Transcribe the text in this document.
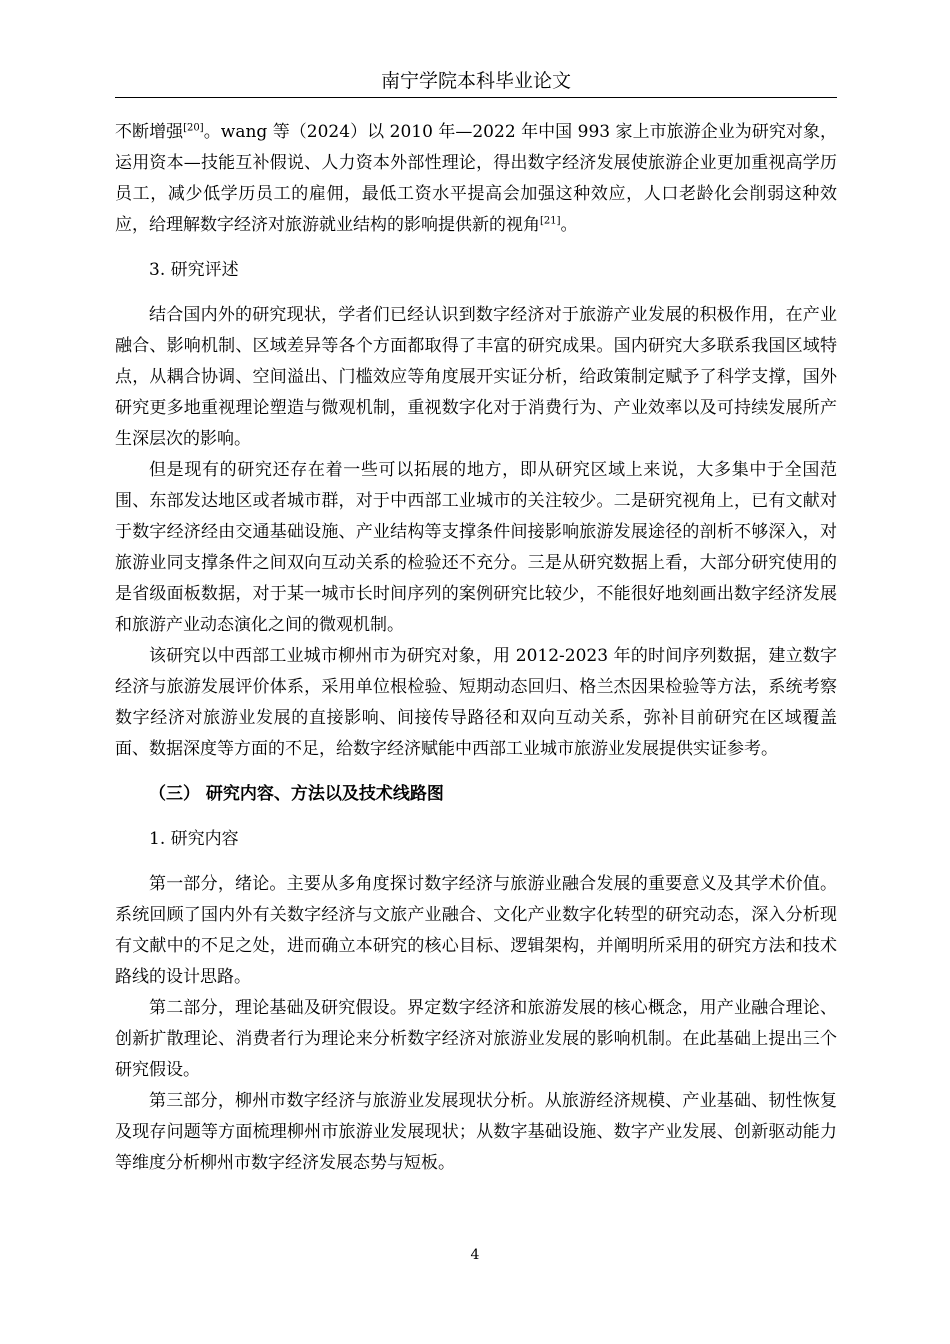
南宁学院本科毕业论文

不断增强[20]。wang 等（2024）以 2010 年—2022 年中国 993 家上市旅游企业为研究对象，运用资本—技能互补假说、人力资本外部性理论，得出数字经济发展使旅游企业更加重视高学历员工，减少低学历员工的雇佣，最低工资水平提高会加强这种效应，人口老龄化会削弱这种效应，给理解数字经济对旅游就业结构的影响提供新的视角[21]。

3. 研究评述

结合国内外的研究现状，学者们已经认识到数字经济对于旅游产业发展的积极作用，在产业融合、影响机制、区域差异等各个方面都取得了丰富的研究成果。国内研究大多联系我国区域特点，从耦合协调、空间溢出、门槛效应等角度展开实证分析，给政策制定赋予了科学支撑，国外研究更多地重视理论塑造与微观机制，重视数字化对于消费行为、产业效率以及可持续发展所产生深层次的影响。

但是现有的研究还存在着一些可以拓展的地方，即从研究区域上来说，大多集中于全国范围、东部发达地区或者城市群，对于中西部工业城市的关注较少。二是研究视角上，已有文献对于数字经济经由交通基础设施、产业结构等支撑条件间接影响旅游发展途径的剖析不够深入，对旅游业同支撑条件之间双向互动关系的检验还不充分。三是从研究数据上看，大部分研究使用的是省级面板数据，对于某一城市长时间序列的案例研究比较少，不能很好地刻画出数字经济发展和旅游产业动态演化之间的微观机制。

该研究以中西部工业城市柳州市为研究对象，用 2012-2023 年的时间序列数据，建立数字经济与旅游发展评价体系，采用单位根检验、短期动态回归、格兰杰因果检验等方法，系统考察数字经济对旅游业发展的直接影响、间接传导路径和双向互动关系，弥补目前研究在区域覆盖面、数据深度等方面的不足，给数字经济赋能中西部工业城市旅游业发展提供实证参考。

（三） 研究内容、方法以及技术线路图
1. 研究内容

第一部分，绪论。主要从多角度探讨数字经济与旅游业融合发展的重要意义及其学术价值。系统回顾了国内外有关数字经济与文旅产业融合、文化产业数字化转型的研究动态，深入分析现有文献中的不足之处，进而确立本研究的核心目标、逻辑架构，并阐明所采用的研究方法和技术路线的设计思路。

第二部分，理论基础及研究假设。界定数字经济和旅游发展的核心概念，用产业融合理论、创新扩散理论、消费者行为理论来分析数字经济对旅游业发展的影响机制。在此基础上提出三个研究假设。

第三部分，柳州市数字经济与旅游业发展现状分析。从旅游经济规模、产业基础、韧性恢复及现存问题等方面梳理柳州市旅游业发展现状；从数字基础设施、数字产业发展、创新驱动能力等维度分析柳州市数字经济发展态势与短板。

4
